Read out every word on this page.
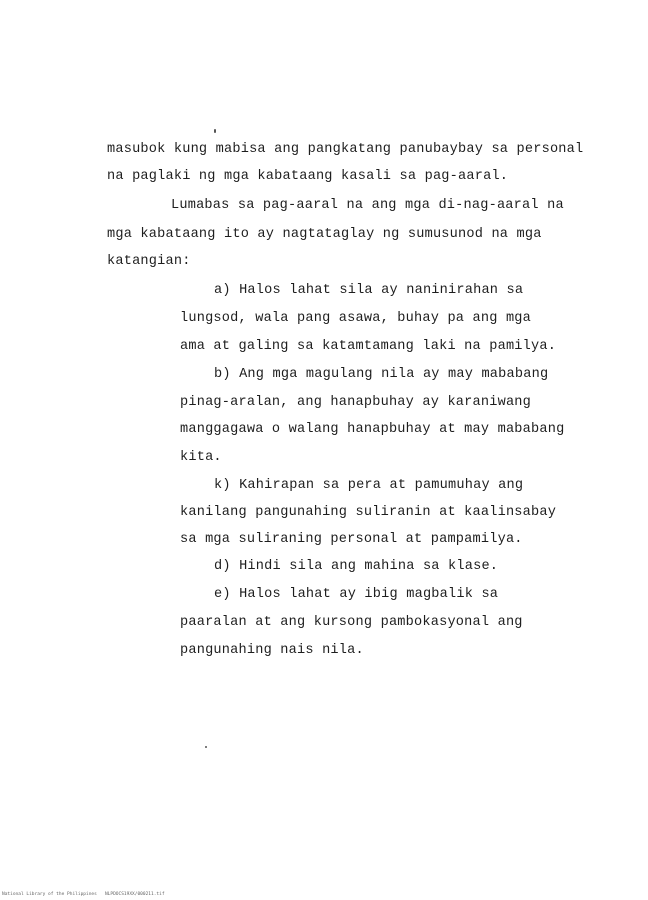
masubok kung mabisa ang pangkatang panubaybay sa personal
na paglaki ng mga kabataang kasali sa pag-aaral.
Lumabas sa pag-aaral na ang mga di-nag-aaral na
mga kabataang ito ay nagtataglay ng sumusunod na mga
katangian:
a) Halos lahat sila ay naninirahan sa
lungsod, wala pang asawa, buhay pa ang mga
ama at galing sa katamtamang laki na pamilya.
b) Ang mga magulang nila ay may mababang
pinag-aralan, ang hanapbuhay ay karaniwang
manggagawa o walang hanapbuhay at may mababang
kita.
k) Kahirapan sa pera at pamumuhay ang
kanilang pangunahing suliranin at kaalinsabay
sa mga suliraning personal at pampamilya.
d) Hindi sila ang mahina sa klase.
e) Halos lahat ay ibig magbalik sa
paaralan at ang kursong pambokasyonal ang
pangunahing nais nila.
National Library of the Philippines   NLPDOCS19XX/000211.tif
